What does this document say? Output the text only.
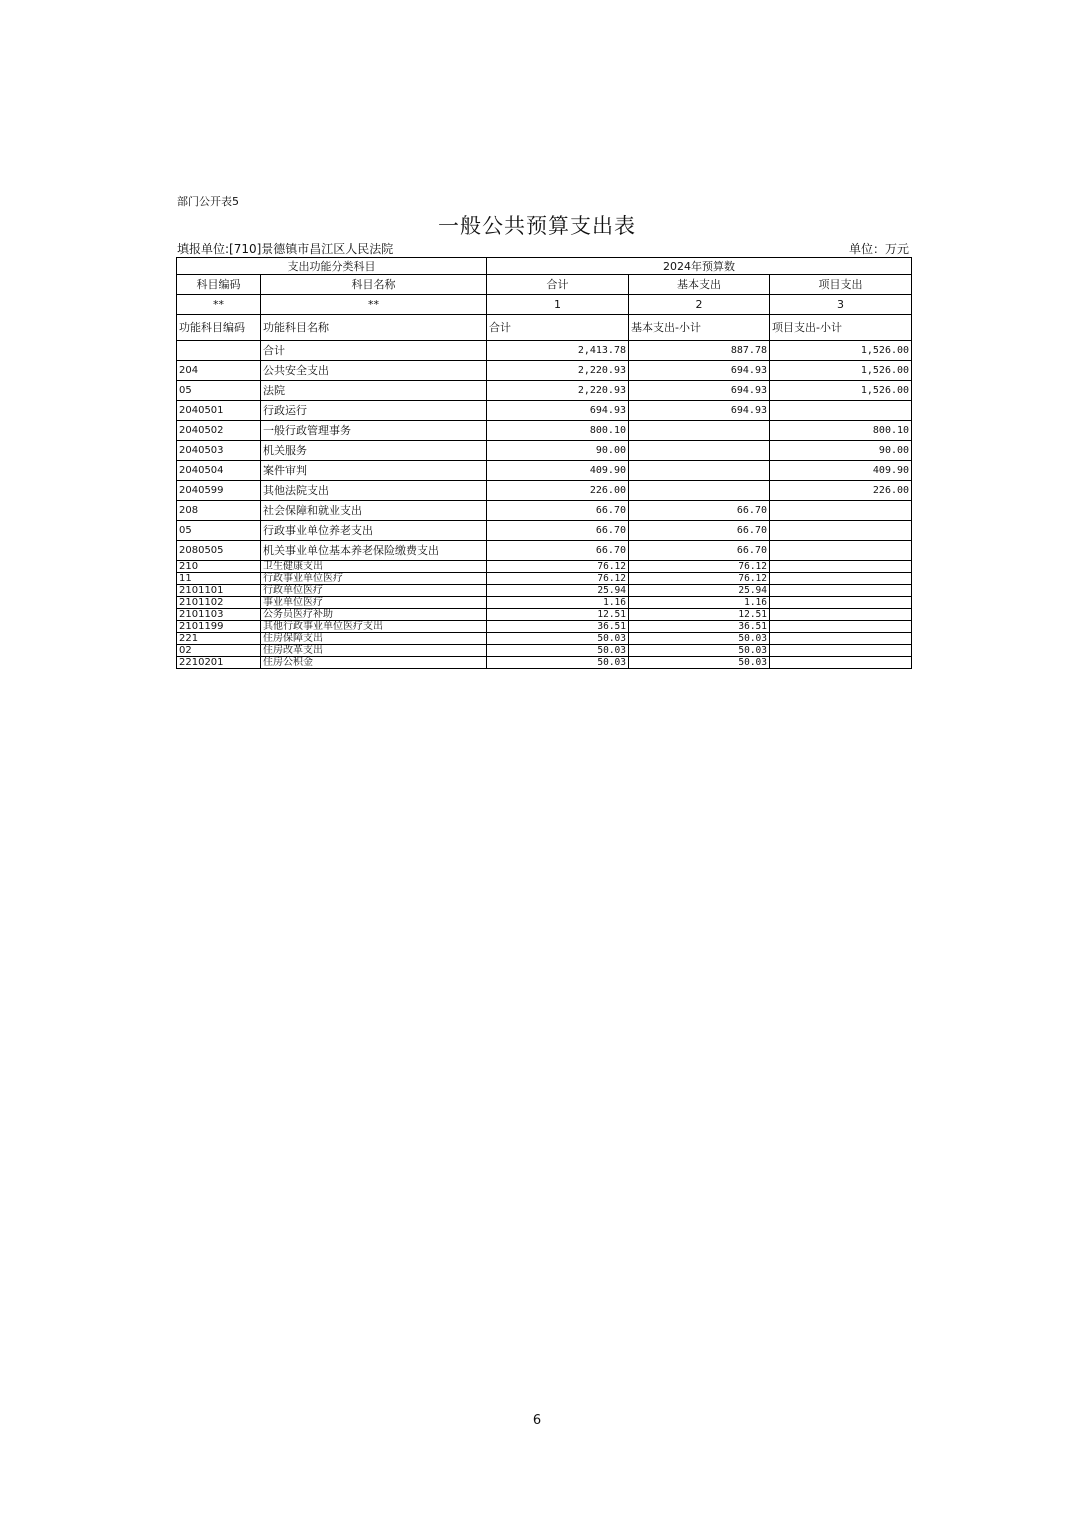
部门公开表5
一般公共预算支出表
填报单位:[710]景德镇市昌江区人民法院	单位：万元
支出功能分类科目		2024年预算数		
科目编码	科目名称	合计	基本支出	项目支出
**	**	1	2	3
功能科目编码	功能科目名称	合计	基本支出-小计	项目支出-小计
	合计	2,413.78	887.78	1,526.00
204	公共安全支出	2,220.93	694.93	1,526.00
05	法院	2,220.93	694.93	1,526.00
2040501	行政运行	694.93	694.93	
2040502	一般行政管理事务	800.10		800.10
2040503	机关服务	90.00		90.00
2040504	案件审判	409.90		409.90
2040599	其他法院支出	226.00		226.00
208	社会保障和就业支出	66.70	66.70	
05	行政事业单位养老支出	66.70	66.70	
2080505	机关事业单位基本养老保险缴费支出	66.70	66.70	
210	卫生健康支出	76.12	76.12	
11	行政事业单位医疗	76.12	76.12	
2101101	行政单位医疗	25.94	25.94	
2101102	事业单位医疗	1.16	1.16	
2101103	公务员医疗补助	12.51	12.51	
2101199	其他行政事业单位医疗支出	36.51	36.51	
221	住房保障支出	50.03	50.03	
02	住房改革支出	50.03	50.03	
2210201	住房公积金	50.03	50.03	
6
